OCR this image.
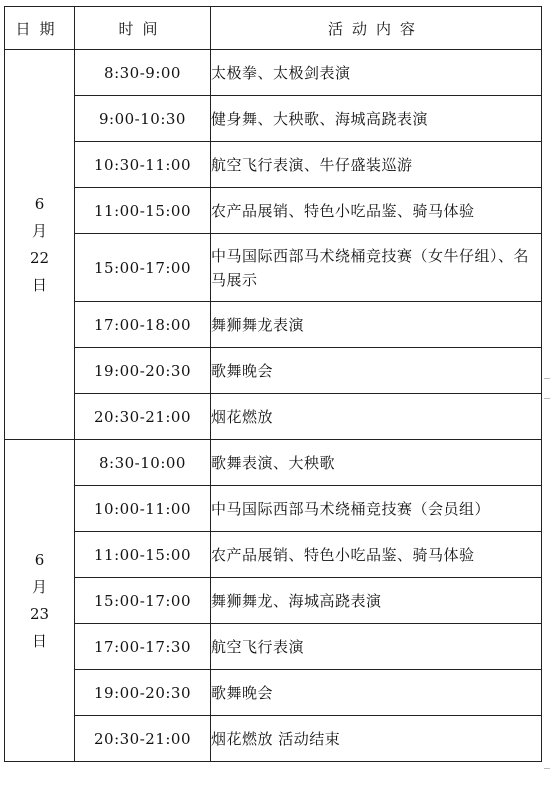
日期	时间	活动内容

6
月
22
日	8:30-9:00	太极拳、太极剑表演
	9:00-10:30	健身舞、大秧歌、海城高跷表演
	10:30-11:00	航空飞行表演、牛仔盛装巡游
	11:00-15:00	农产品展销、特色小吃品鉴、骑马体验
	15:00-17:00	中马国际西部马术绕桶竞技赛（女牛仔组）、名马展示
	17:00-18:00	舞狮舞龙表演
	19:00-20:30	歌舞晚会
	20:30-21:00	烟花燃放

6
月
23
日	8:30-10:00	歌舞表演、大秧歌
	10:00-11:00	中马国际西部马术绕桶竞技赛（会员组）
	11:00-15:00	农产品展销、特色小吃品鉴、骑马体验
	15:00-17:00	舞狮舞龙、海城高跷表演
	17:00-17:30	航空飞行表演
	19:00-20:30	歌舞晚会
	20:30-21:00	烟花燃放 活动结束
